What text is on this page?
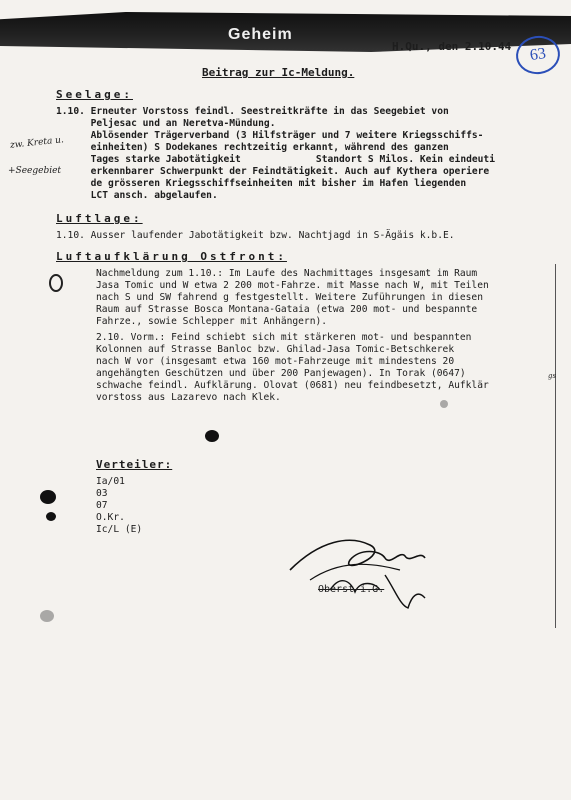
Geheim
H.Qu., den 2.10.44 63
Beitrag zur Ic-Meldung.
Seelage:
1.10. Erneuter Vorstoss feindl. Seestreitkräfte in das Seegebiet von
Peljesac und an Neretva-Mündung.
Ablösender Trägerverband (3 Hilfsträger und 7 weitere Kriegsschiffs-
einheiten) S Dodekanes rechtzeitig erkannt, während des ganzen
Tages starke Jabotätigkeit             Standort S Milos. Kein eindeuti
erkennbarer Schwerpunkt der Feindtätigkeit. Auch auf Kythera operiere
de grösseren Kriegsschiffseinheiten mit bisher im Hafen liegenden
LCT ansch. abgelaufen.
zw. Kreta u.
+Seegebiet
Luftlage:
1.10. Ausser laufender Jabotätigkeit bzw. Nachtjagd in S-Ägäis k.b.E.
Luftaufklärung Ostfront:
Nachmeldung zum 1.10.: Im Laufe des Nachmittages insgesamt im Raum
Jasa Tomic und W etwa 2 200 mot-Fahrze. mit Masse nach W, mit Teilen
nach S und SW fahrend g festgestellt. Weitere Zuführungen in diesen
Raum auf Strasse Bosca Montana-Gataia (etwa 200 mot- und bespannte
Fahrze., sowie Schlepper mit Anhängern).
2.10. Vorm.: Feind schiebt sich mit stärkeren mot- und bespannten
Kolonnen auf Strasse Banloc bzw. Ghilad-Jasa Tomic-Betschkerek
nach W vor (insgesamt etwa 160 mot-Fahrzeuge mit mindestens 20
angehängten Geschützen und über 200 Panjewagen). In Torak (0647)
schwache feindl. Aufklärung. Olovat (0681) neu feindbesetzt, Aufklär
vorstoss aus Lazarevo nach Klek.
Verteiler:
Ia/01
03
07
O.Kr.
Ic/L (E)
Oberst i.G.
gs
